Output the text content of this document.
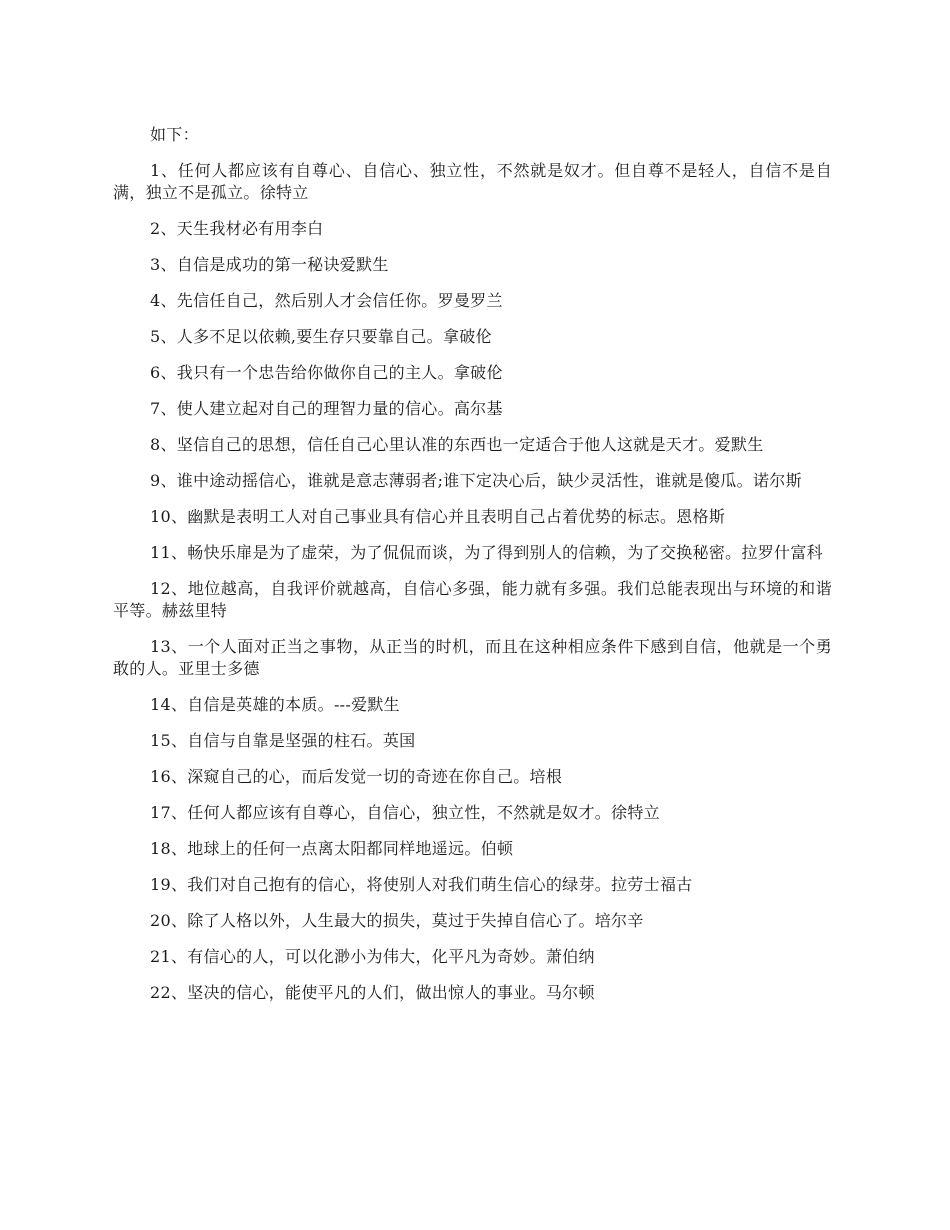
如下：

1、任何人都应该有自尊心、自信心、独立性，不然就是奴才。但自尊不是轻人，自信不是自满，独立不是孤立。徐特立

2、天生我材必有用李白

3、自信是成功的第一秘诀爱默生

4、先信任自己，然后别人才会信任你。罗曼罗兰

5、人多不足以依赖,要生存只要靠自己。拿破伦

6、我只有一个忠告给你做你自己的主人。拿破伦

7、使人建立起对自己的理智力量的信心。高尔基

8、坚信自己的思想，信任自己心里认准的东西也一定适合于他人这就是天才。爱默生

9、谁中途动摇信心，谁就是意志薄弱者;谁下定决心后，缺少灵活性，谁就是傻瓜。诺尔斯

10、幽默是表明工人对自己事业具有信心并且表明自己占着优势的标志。恩格斯

11、畅快乐扉是为了虚荣，为了侃侃而谈，为了得到别人的信赖，为了交换秘密。拉罗什富科

12、地位越高，自我评价就越高，自信心多强，能力就有多强。我们总能表现出与环境的和谐平等。赫兹里特

13、一个人面对正当之事物，从正当的时机，而且在这种相应条件下感到自信，他就是一个勇敢的人。亚里士多德

14、自信是英雄的本质。---爱默生

15、自信与自靠是坚强的柱石。英国

16、深窥自己的心，而后发觉一切的奇迹在你自己。培根

17、任何人都应该有自尊心，自信心，独立性，不然就是奴才。徐特立

18、地球上的任何一点离太阳都同样地遥远。伯顿

19、我们对自己抱有的信心，将使别人对我们萌生信心的绿芽。拉劳士福古

20、除了人格以外，人生最大的损失，莫过于失掉自信心了。培尔辛

21、有信心的人，可以化渺小为伟大，化平凡为奇妙。萧伯纳

22、坚决的信心，能使平凡的人们，做出惊人的事业。马尔顿
